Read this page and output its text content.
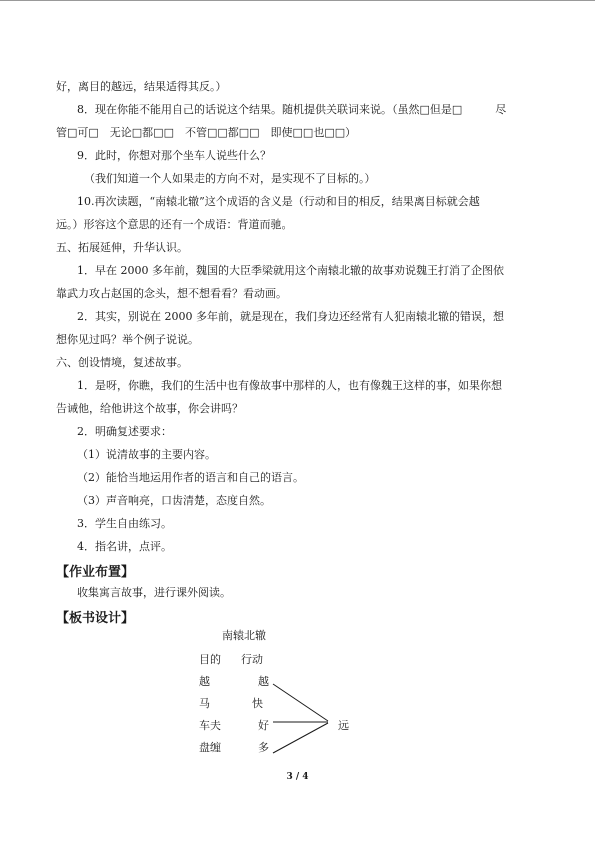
好，离目的越远，结果适得其反。）
8．现在你能不能用自己的话说这个结果。随机提供关联词来说。（虽然□但是□　　　尽
管□可□　无论□都□□　不管□□都□□　即使□□也□□）
9．此时，你想对那个坐车人说些什么？
（我们知道一个人如果走的方向不对，是实现不了目标的。）
10.再次读题，“南辕北辙”这个成语的含义是（行动和目的相反，结果离目标就会越
远。）形容这个意思的还有一个成语：背道而驰。
五、拓展延伸，升华认识。
1．早在 2000 多年前，魏国的大臣季梁就用这个南辕北辙的故事劝说魏王打消了企图依
靠武力攻占赵国的念头，想不想看看？看动画。
2．其实，别说在 2000 多年前，就是现在，我们身边还经常有人犯南辕北辙的错误，想
想你见过吗？举个例子说说。
六、创设情境，复述故事。
1．是呀，你瞧，我们的生活中也有像故事中那样的人，也有像魏王这样的事，如果你想
告诫他，给他讲这个故事，你会讲吗？
2．明确复述要求：
（1）说清故事的主要内容。
（2）能恰当地运用作者的语言和自己的语言。
（3）声音响亮，口齿清楚，态度自然。
3．学生自由练习。
4．指名讲，点评。
【作业布置】
收集寓言故事，进行课外阅读。
【板书设计】
南辕北辙
目的 行动
越	越
马	快
车夫	好
盘缠	多
远
3 / 4
